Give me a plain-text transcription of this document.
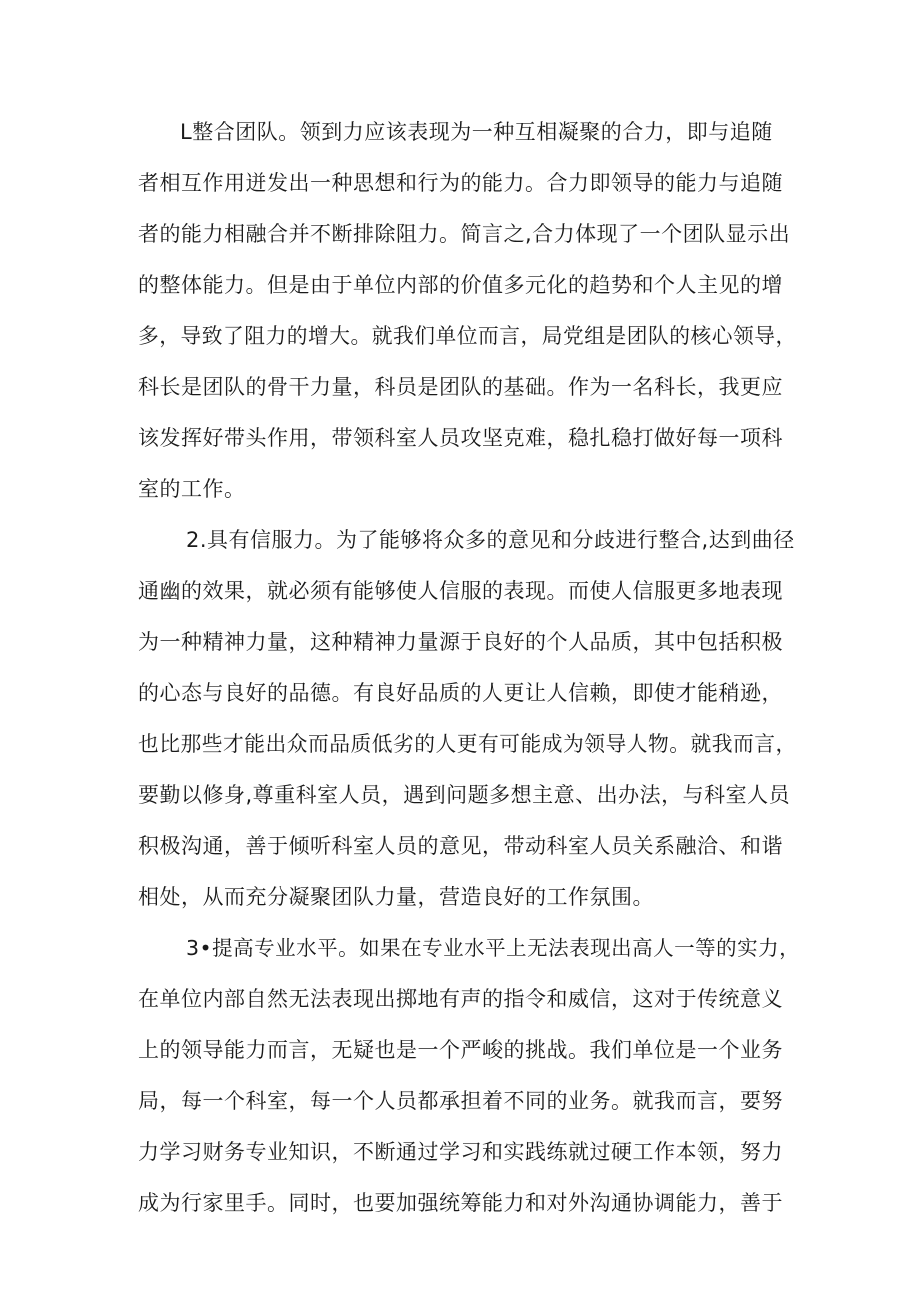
L整合团队。领到力应该表现为一种互相凝聚的合力，即与追随
者相互作用迸发出一种思想和行为的能力。合力即领导的能力与追随
者的能力相融合并不断排除阻力。简言之,合力体现了一个团队显示出
的整体能力。但是由于单位内部的价值多元化的趋势和个人主见的增
多，导致了阻力的增大。就我们单位而言，局党组是团队的核心领导，
科长是团队的骨干力量，科员是团队的基础。作为一名科长，我更应
该发挥好带头作用，带领科室人员攻坚克难，稳扎稳打做好每一项科
室的工作。
2.具有信服力。为了能够将众多的意见和分歧进行整合,达到曲径
通幽的效果，就必须有能够使人信服的表现。而使人信服更多地表现
为一种精神力量，这种精神力量源于良好的个人品质，其中包括积极
的心态与良好的品德。有良好品质的人更让人信赖，即使才能稍逊，
也比那些才能出众而品质低劣的人更有可能成为领导人物。就我而言，
要勤以修身,尊重科室人员，遇到问题多想主意、出办法，与科室人员
积极沟通，善于倾听科室人员的意见，带动科室人员关系融洽、和谐
相处，从而充分凝聚团队力量，营造良好的工作氛围。
3•提高专业水平。如果在专业水平上无法表现出高人一等的实力，
在单位内部自然无法表现出掷地有声的指令和威信，这对于传统意义
上的领导能力而言，无疑也是一个严峻的挑战。我们单位是一个业务
局，每一个科室，每一个人员都承担着不同的业务。就我而言，要努
力学习财务专业知识，不断通过学习和实践练就过硬工作本领，努力
成为行家里手。同时，也要加强统筹能力和对外沟通协调能力，善于
